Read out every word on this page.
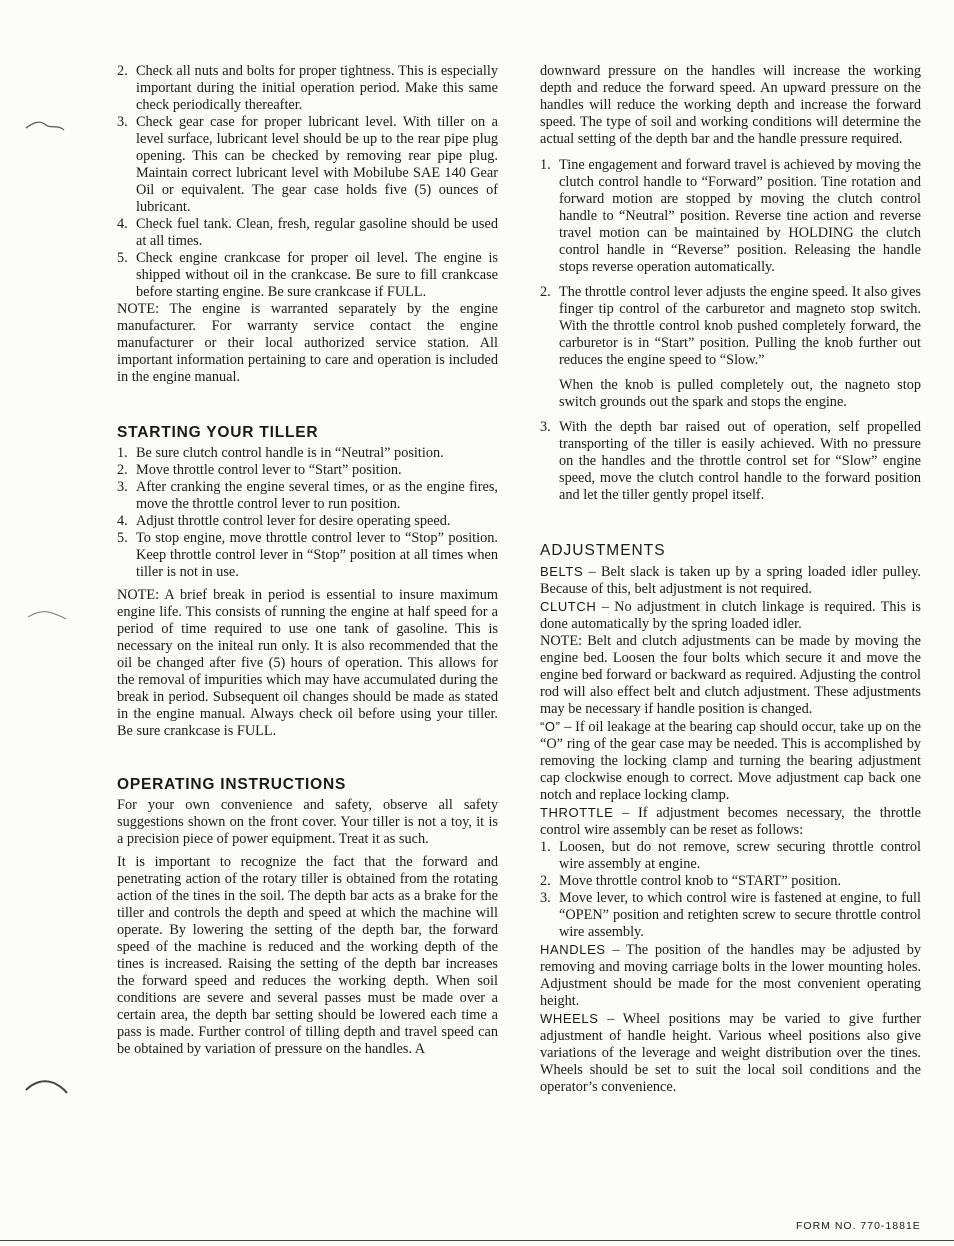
2. Check all nuts and bolts for proper tightness. This is especially important during the initial operation period. Make this same check periodically thereafter.
3. Check gear case for proper lubricant level. With tiller on a level surface, lubricant level should be up to the rear pipe plug opening. This can be checked by removing rear pipe plug. Maintain correct lubricant level with Mobilube SAE 140 Gear Oil or equivalent. The gear case holds five (5) ounces of lubricant.
4. Check fuel tank. Clean, fresh, regular gasoline should be used at all times.
5. Check engine crankcase for proper oil level. The engine is shipped without oil in the crankcase. Be sure to fill crankcase before starting engine. Be sure crankcase if FULL.

NOTE: The engine is warranted separately by the engine manufacturer. For warranty service contact the engine manufacturer or their local authorized service station. All important information pertaining to care and operation is included in the engine manual.

STARTING YOUR TILLER
1. Be sure clutch control handle is in “Neutral” position.
2. Move throttle control lever to “Start” position.
3. After cranking the engine several times, or as the engine fires, move the throttle control lever to run position.
4. Adjust throttle control lever for desire operating speed.
5. To stop engine, move throttle control lever to “Stop” position. Keep throttle control lever in “Stop” position at all times when tiller is not in use.

NOTE: A brief break in period is essential to insure maximum engine life. This consists of running the engine at half speed for a period of time required to use one tank of gasoline. This is necessary on the initeal run only. It is also recommended that the oil be changed after five (5) hours of operation. This allows for the removal of impurities which may have accumulated during the break in period. Subsequent oil changes should be made as stated in the engine manual. Always check oil before using your tiller. Be sure crankcase is FULL.

OPERATING INSTRUCTIONS

For your own convenience and safety, observe all safety suggestions shown on the front cover. Your tiller is not a toy, it is a precision piece of power equipment. Treat it as such.

It is important to recognize the fact that the forward and penetrating action of the rotary tiller is obtained from the rotating action of the tines in the soil. The depth bar acts as a brake for the tiller and controls the depth and speed at which the machine will operate. By lowering the setting of the depth bar, the forward speed of the machine is reduced and the working depth of the tines is increased. Raising the setting of the depth bar increases the forward speed and reduces the working depth. When soil conditions are severe and several passes must be made over a certain area, the depth bar setting should be lowered each time a pass is made. Further control of tilling depth and travel speed can be obtained by variation of pressure on the handles. A

downward pressure on the handles will increase the working depth and reduce the forward speed. An upward pressure on the handles will reduce the working depth and increase the forward speed. The type of soil and working conditions will determine the actual setting of the depth bar and the handle pressure required.

1. Tine engagement and forward travel is achieved by moving the clutch control handle to “Forward” position. Tine rotation and forward motion are stopped by moving the clutch control handle to “Neutral” position. Reverse tine action and reverse travel motion can be maintained by HOLDING the clutch control handle in “Reverse” position. Releasing the handle stops reverse operation automatically.
2. The throttle control lever adjusts the engine speed. It also gives finger tip control of the carburetor and magneto stop switch. With the throttle control knob pushed completely forward, the carburetor is in “Start” position. Pulling the knob further out reduces the engine speed to “Slow.”

When the knob is pulled completely out, the nagneto stop switch grounds out the spark and stops the engine.

3. With the depth bar raised out of operation, self propelled transporting of the tiller is easily achieved. With no pressure on the handles and the throttle control set for “Slow” engine speed, move the clutch control handle to the forward position and let the tiller gently propel itself.
ADJUSTMENTS

BELTS – Belt slack is taken up by a spring loaded idler pulley. Because of this, belt adjustment is not required.

CLUTCH – No adjustment in clutch linkage is required. This is done automatically by the spring loaded idler.

NOTE: Belt and clutch adjustments can be made by moving the engine bed. Loosen the four bolts which secure it and move the engine bed forward or backward as required. Adjusting the control rod will also effect belt and clutch adjustment. These adjustments may be necessary if handle position is changed.

“O” – If oil leakage at the bearing cap should occur, take up on the “O” ring of the gear case may be needed. This is accomplished by removing the locking clamp and turning the bearing adjustment cap clockwise enough to correct. Move adjustment cap back one notch and replace locking clamp.

THROTTLE – If adjustment becomes necessary, the throttle control wire assembly can be reset as follows:

1. Loosen, but do not remove, screw securing throttle control wire assembly at engine.
2. Move throttle control knob to “START” position.
3. Move lever, to which control wire is fastened at engine, to full “OPEN” position and retighten screw to secure throttle control wire assembly.

HANDLES – The position of the handles may be adjusted by removing and moving carriage bolts in the lower mounting holes. Adjustment should be made for the most convenient operating height.

WHEELS – Wheel positions may be varied to give further adjustment of handle height. Various wheel positions also give variations of the leverage and weight distribution over the tines. Wheels should be set to suit the local soil conditions and the operator’s convenience.

FORM NO. 770-1881E
